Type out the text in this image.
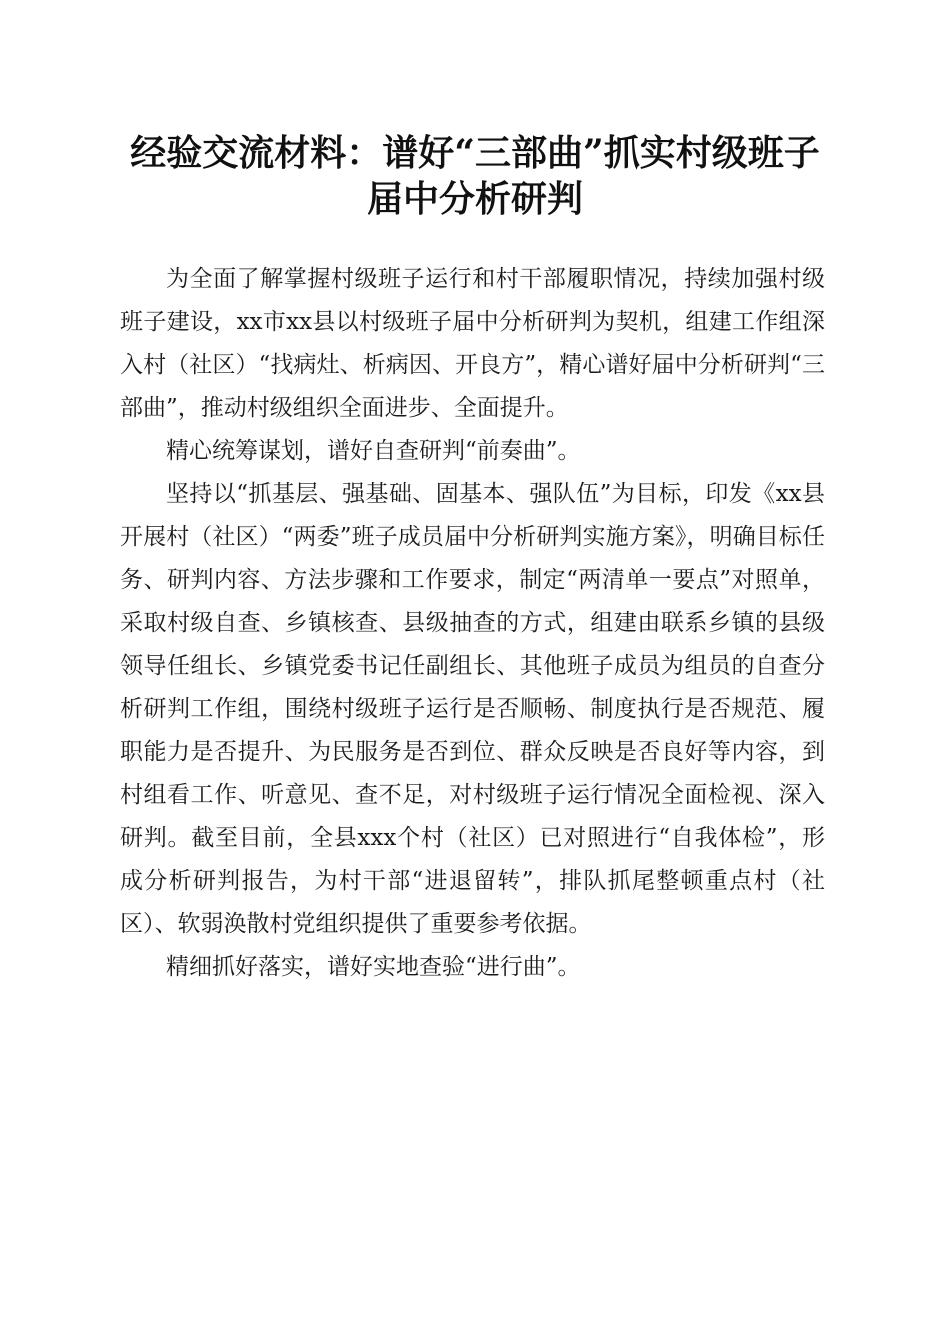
经验交流材料：谱好“三部曲”抓实村级班子
届中分析研判

为全面了解掌握村级班子运行和村干部履职情况，持续加强村级班子建设，xx市xx县以村级班子届中分析研判为契机，组建工作组深入村（社区）“找病灶、析病因、开良方”，精心谱好届中分析研判“三部曲”，推动村级组织全面进步、全面提升。

精心统筹谋划，谱好自查研判“前奏曲”。

坚持以“抓基层、强基础、固基本、强队伍”为目标，印发《xx县开展村（社区）“两委”班子成员届中分析研判实施方案》，明确目标任务、研判内容、方法步骤和工作要求，制定“两清单一要点”对照单，采取村级自查、乡镇核查、县级抽查的方式，组建由联系乡镇的县级领导任组长、乡镇党委书记任副组长、其他班子成员为组员的自查分析研判工作组，围绕村级班子运行是否顺畅、制度执行是否规范、履职能力是否提升、为民服务是否到位、群众反映是否良好等内容，到村组看工作、听意见、查不足，对村级班子运行情况全面检视、深入研判。截至目前，全县xxx个村（社区）已对照进行“自我体检”，形成分析研判报告，为村干部“进退留转”，排队抓尾整顿重点村（社区）、软弱涣散村党组织提供了重要参考依据。

精细抓好落实，谱好实地查验“进行曲”。
